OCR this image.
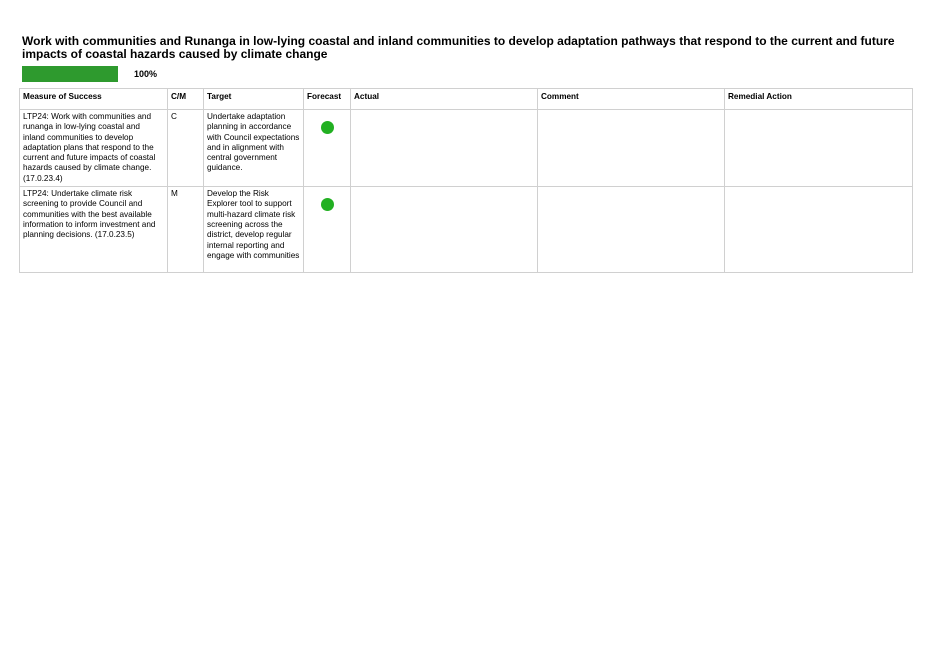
Work with communities and Runanga in low-lying coastal and inland communities to develop adaptation pathways that respond to the current and future impacts of coastal hazards caused by climate change
100%
Measure of Success	C/M	Target	Forecast	Actual	Comment	Remedial Action
LTP24: Work with communities and runanga in low-lying coastal and inland communities to develop adaptation plans that respond to the current and future impacts of coastal hazards caused by climate change. (17.0.23.4)	C	Undertake adaptation planning in accordance with Council expectations and in alignment with central government guidance.				
LTP24: Undertake climate risk screening to provide Council and communities with the best available information to inform investment and planning decisions. (17.0.23.5)	M	Develop the Risk Explorer tool to support multi-hazard climate risk screening across the district, develop regular internal reporting and engage with communities				
